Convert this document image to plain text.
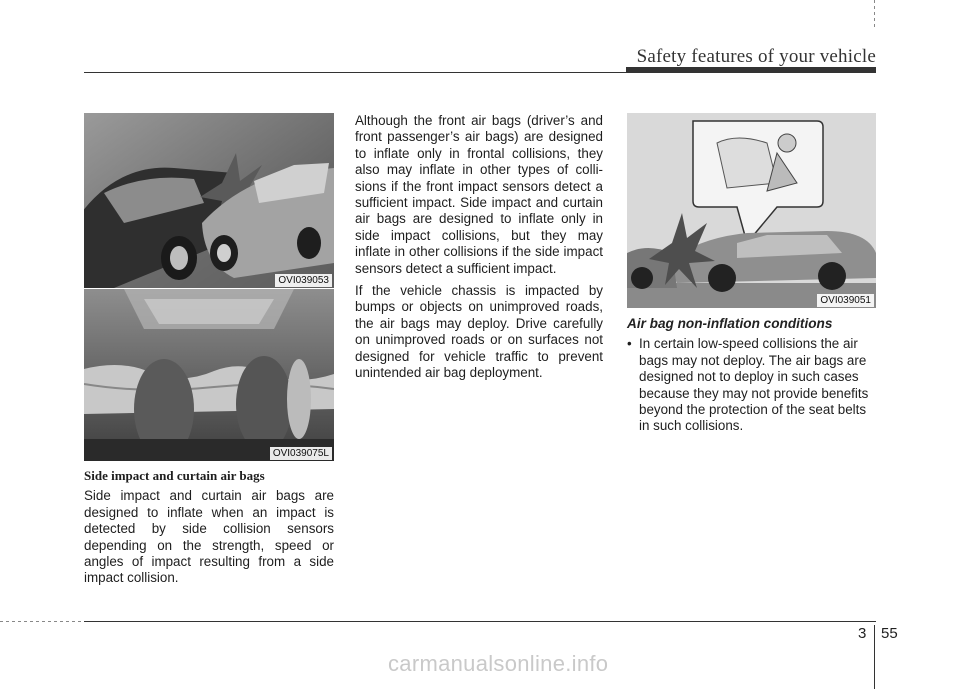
Safety features of your vehicle
OVI039053
OVI039075L
Side impact and curtain air bags

Side impact and curtain air bags are designed to inflate when an impact is detected by side collision sensors depending on the strength, speed or angles of impact resulting from a side impact collision.

Although the front air bags (driver’s and front passenger’s air bags) are designed to inflate only in frontal collisions, they also may inflate in other types of colli-sions if the front impact sensors detect a sufficient impact. Side impact and curtain air bags are designed to inflate only in side impact collisions, but they may inflate in other collisions if the side impact sensors detect a sufficient impact.

If the vehicle chassis is impacted by bumps or objects on unimproved roads, the air bags may deploy. Drive carefully on unimproved roads or on surfaces not designed for vehicle traffic to prevent unintended air bag deployment.

OVI039051
Air bag non-inflation conditions
• In certain low-speed collisions the air bags may not deploy. The air bags are designed not to deploy in such cases because they may not provide benefits beyond the protection of the seat belts in such collisions.
3 55
carmanualsonline.info
